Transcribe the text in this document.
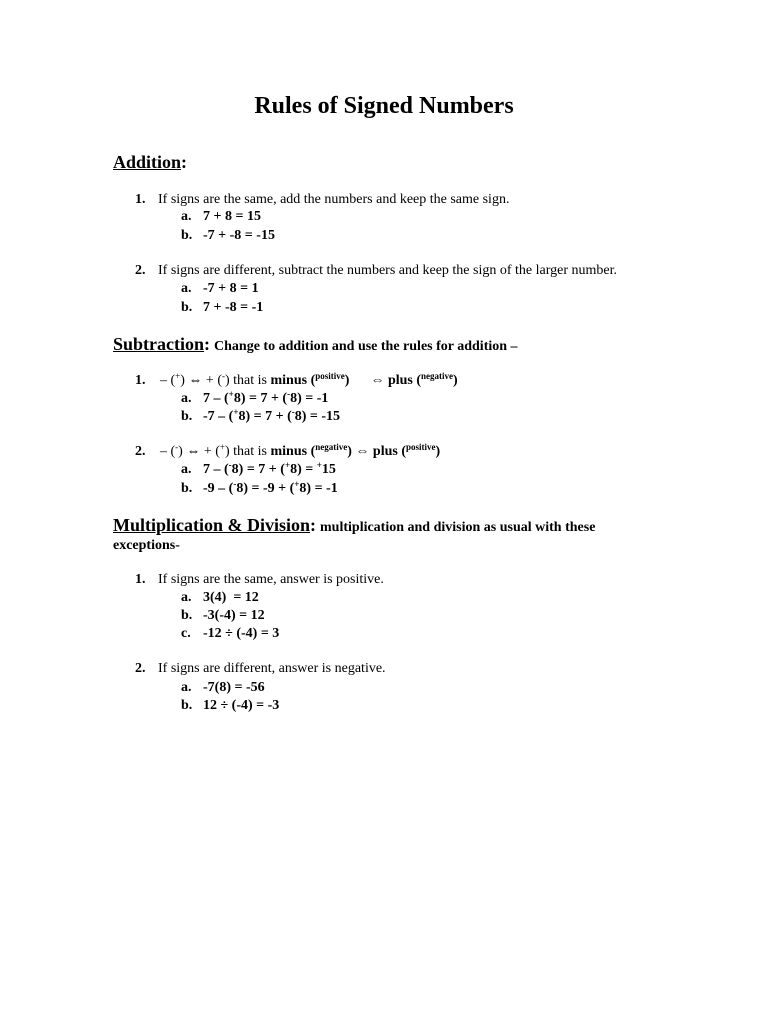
Rules of Signed Numbers
Addition:
1. If signs are the same, add the numbers and keep the same sign.
a. 7 + 8 = 15
b. -7 + -8 = -15
2. If signs are different, subtract the numbers and keep the sign of the larger number.
a. -7 + 8 = 1
b. 7 + -8 = -1
Subtraction: Change to addition and use the rules for addition –
1. – (+) ⇔ + (-) that is minus ($^{positive}$) ⇔ plus ($^{negative}$)
a. 7 – (+8) = 7 + (-8) = -1
b. -7 – (+8) = 7 + (-8) = -15
2. – (-) ⇔ + (+) that is minus ($^{negative}$) ⇔ plus ($^{positive}$)
a. 7 – (-8) = 7 + (+8) = +15
b. -9 – (-8) = -9 + (+8) = -1
Multiplication & Division: multiplication and division as usual with these
exceptions-
1. If signs are the same, answer is positive.
a. 3(4)  = 12
b. -3(-4) = 12
c. -12 ÷ (-4) = 3
2. If signs are different, answer is negative.
a. -7(8) = -56
b. 12 ÷ (-4) = -3
